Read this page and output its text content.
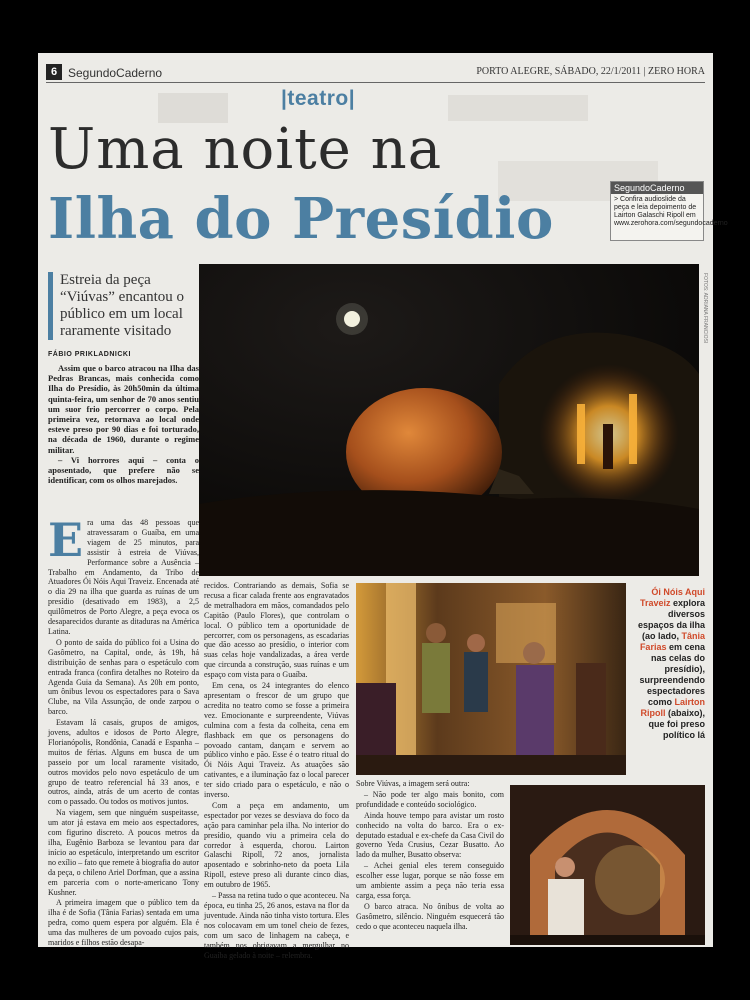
6 SegundoCaderno	PORTO ALEGRE, SÁBADO, 22/1/2011 | ZERO HORA
|teatro|
Uma noite na
Ilha do Presídio	SegundoCaderno
> Confira audioslide da peça e leia depoimento de Lairton Galaschi Ripoll em www.zerohora.com/segundocaderno
Estreia da peça “Viúvas” encantou o público em um local raramente visitado
FÁBIO PRIKLADNICKI

Assim que o barco atracou na Ilha das Pedras Brancas, mais conhecida como Ilha do Presídio, às 20h50min da última quinta-feira, um senhor de 70 anos sentiu um suor frio percorrer o corpo. Pela primeira vez, retornava ao local onde esteve preso por 90 dias e foi torturado, na década de 1960, durante o regime militar.

– Vi horrores aqui – conta o aposentado, que prefere não se identificar, com os olhos marejados.

FOTOS: ADRIANA FRANCIOSI
E ra uma das 48 pessoas que atravessaram o Guaíba, em uma viagem de 25 minutos, para assistir à estreia de Viúvas, Performance sobre a Ausência – Trabalho em Andamento, da Tribo de Atuadores Ói Nóis Aqui Traveiz. Encenada até o dia 29 na ilha que guarda as ruínas de um presídio (desativado em 1983), a 2,5 quilômetros de Porto Alegre, a peça evoca os desaparecidos durante as ditaduras na América Latina.

O ponto de saída do público foi a Usina do Gasômetro, na Capital, onde, às 19h, há distribuição de senhas para o espetáculo com entrada franca (confira detalhes no Roteiro da Agenda Guia da Semana). As 20h em ponto, um ônibus levou os espectadores para o Sava Clube, na Vila Assunção, de onde zarpou o barco.

Estavam lá casais, grupos de amigos, jovens, adultos e idosos de Porto Alegre, Florianópolis, Rondônia, Canadá e Espanha – muitos de férias. Alguns em busca de um passeio por um local raramente visitado, outros movidos pelo novo espetáculo de um grupo de teatro referencial há 33 anos, e outros, ainda, atrás de um acerto de contas com o passado. Ou todos os motivos juntos.

Na viagem, sem que ninguém suspeitasse, um ator já estava em meio aos espectadores, com figurino discreto. A poucos metros da ilha, Eugênio Barboza se levantou para dar início ao espetáculo, interpretando um escritor no exílio – fato que remete à biografia do autor da peça, o chileno Ariel Dorfman, que a assina em parceria com o norte-americano Tony Kushner.

A primeira imagem que o público tem da ilha é de Sofia (Tânia Farias) sentada em uma pedra, como quem espera por alguém. Ela é uma das mulheres de um povoado cujos pais, maridos e filhos estão desapa-

recidos. Contrariando as demais, Sofia se recusa a ficar calada frente aos engravatados de metralhadora em mãos, comandados pelo Capitão (Paulo Flores), que controlam o local. O público tem a oportunidade de percorrer, com os personagens, as escadarias que dão acesso ao presídio, o interior com suas celas hoje vandalizadas, a área verde que circunda a construção, suas ruínas e um espaço com vista para o Guaíba.

Em cena, os 24 integrantes do elenco apresentam o frescor de um grupo que acredita no teatro como se fosse a primeira vez. Emocionante e surpreendente, Viúvas culmina com a festa da colheita, cena em flashback em que os personagens do povoado cantam, dançam e servem ao público vinho e pão. Esse é o teatro ritual do Ói Nóis Aqui Traveiz. As atuações são cativantes, e a iluminação faz o local parecer ter sido criado para o espetáculo, e não o inverso.

Com a peça em andamento, um espectador por vezes se desviava do foco da ação para caminhar pela ilha. No interior do presídio, quando viu a primeira cela do corredor à esquerda, chorou. Lairton Galaschi Ripoll, 72 anos, jornalista aposentado e sobrinho-neto da poeta Lila Ripoll, esteve preso ali durante cinco dias, em outubro de 1965.

– Passa na retina tudo o que aconteceu. Na época, eu tinha 25, 26 anos, estava na flor da juventude. Ainda não tinha visto tortura. Eles nos colocavam em um tonel cheio de fezes, com um saco de linhagem na cabeça, e também nos obrigavam a mergulhar no Guaíba gelado à noite – relembra.

Ói Nóis Aqui Traveiz explora diversos espaços da ilha (ao lado, Tânia Farias em cena nas celas do presídio), surpreendendo espectadores como Lairton Ripoll (abaixo), que foi preso político lá

Sobre Viúvas, a imagem será outra:

– Não pode ter algo mais bonito, com profundidade e conteúdo sociológico.

Ainda houve tempo para avistar um rosto conhecido na volta do barco. Era o ex-deputado estadual e ex-chefe da Casa Civil do governo Yeda Crusius, Cezar Busatto. Ao lado da mulher, Busatto observa:

– Achei genial eles terem conseguido escolher esse lugar, porque se não fosse em um ambiente assim a peça não teria essa carga, essa força.

O barco atraca. No ônibus de volta ao Gasômetro, silêncio. Ninguém esquecerá tão cedo o que aconteceu naquela ilha.
